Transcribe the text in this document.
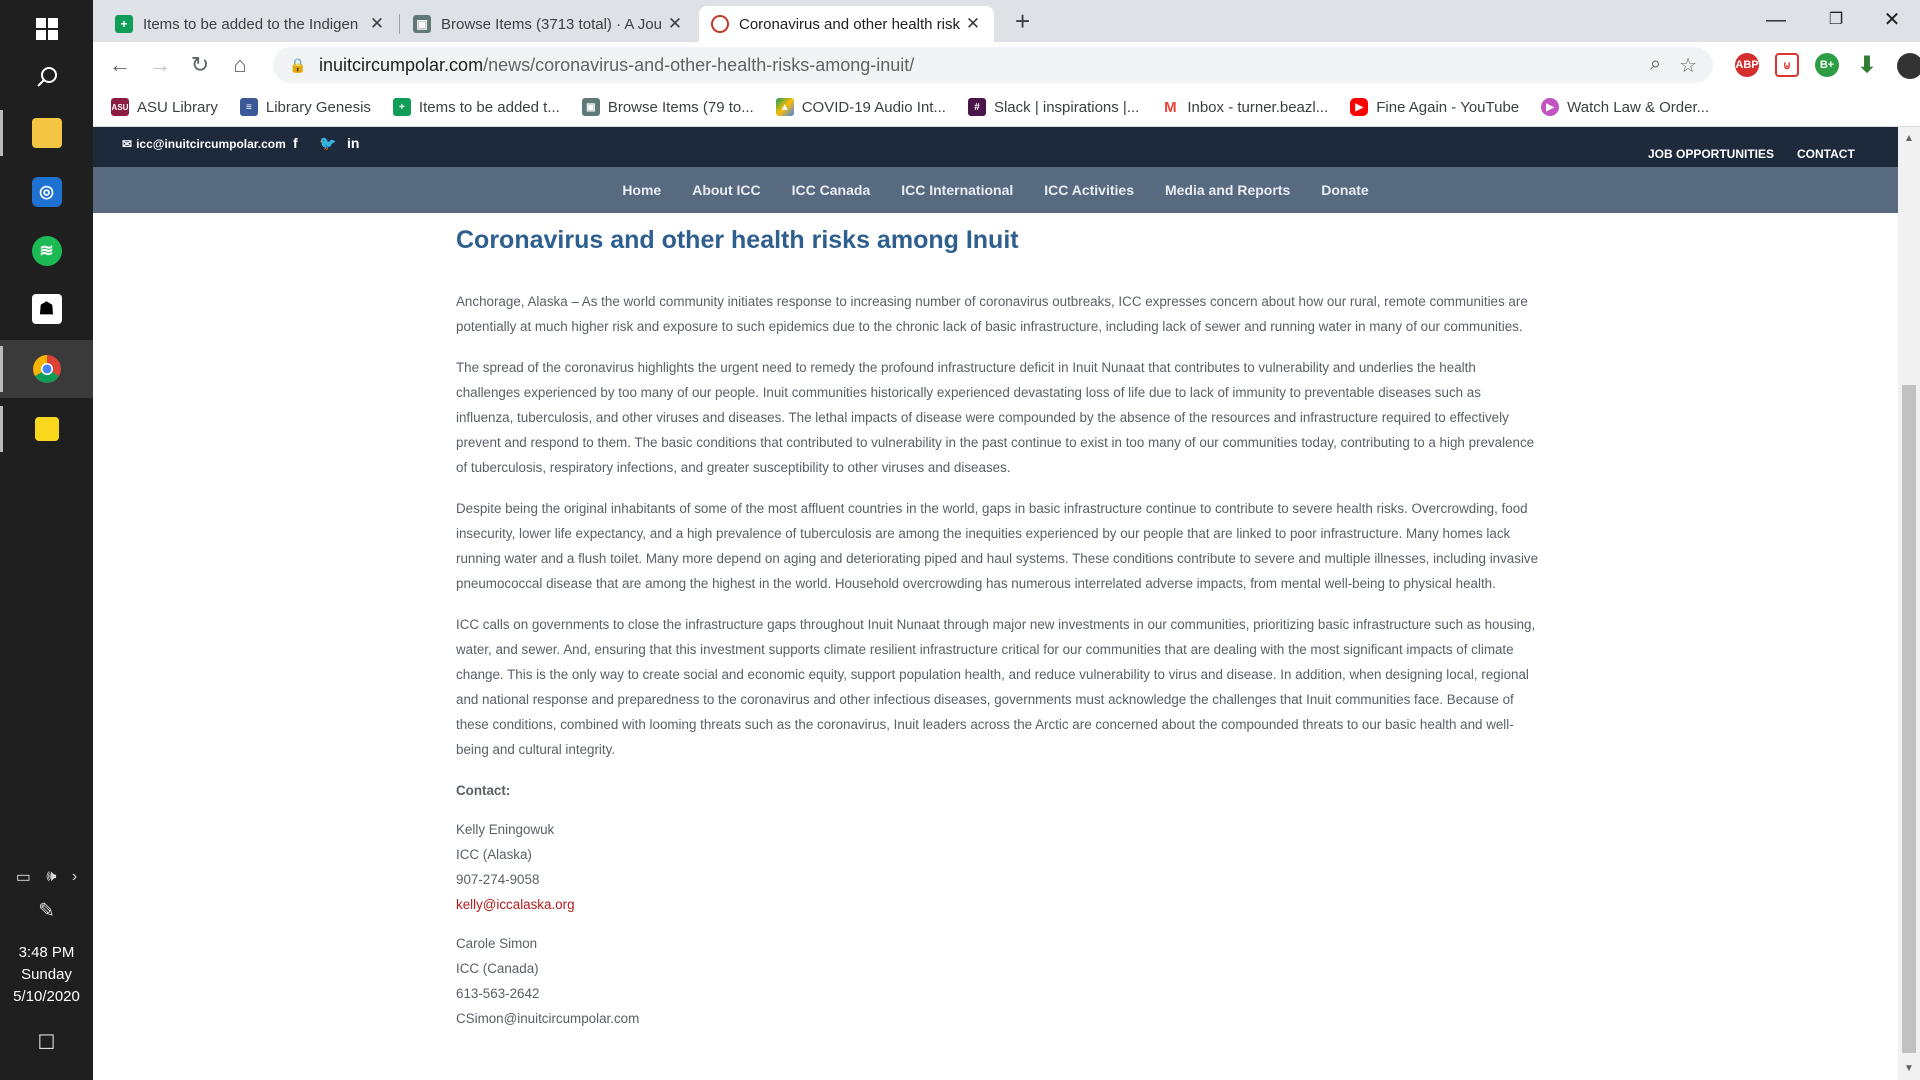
◎
≋
☗
▭ 🕪 ›
✎
3:48 PM
Sunday
5/10/2020
☐
+	Items to be added to the Indigen ✕	▣ Browse Items (3713 total) · A Jou ✕	Coronavirus and other health risk ✕ +	—	❐	✕
← → ↻	⌂	🔒 inuitcircumpolar.com /news/coronavirus-and-other-health-risks-among-inuit/	⌕ ☆	ABP	⊍	B+ ⬇
ASU ASU Library	≡ Library Genesis	+ Items to be added t...	▣ Browse Items (79 to...	▲ COVID-19 Audio Int...	# Slack | inspirations |... M Inbox - turner.beazl...	▶ Fine Again - YouTube	▶ Watch Law & Order...
✉ icc@inuitcircumpolar.com f 🐦 in
JOB OPPORTUNITIES CONTACT
Home About ICC ICC Canada ICC International ICC Activities Media and Reports Donate
Coronavirus and other health risks among Inuit

Anchorage, Alaska – As the world community initiates response to increasing number of coronavirus outbreaks, ICC expresses concern about how our rural, remote communities are potentially at much higher risk and exposure to such epidemics due to the chronic lack of basic infrastructure, including lack of sewer and running water in many of our communities.

The spread of the coronavirus highlights the urgent need to remedy the profound infrastructure deficit in Inuit Nunaat that contributes to vulnerability and underlies the health challenges experienced by too many of our people. Inuit communities historically experienced devastating loss of life due to lack of immunity to preventable diseases such as influenza, tuberculosis, and other viruses and diseases. The lethal impacts of disease were compounded by the absence of the resources and infrastructure required to effectively prevent and respond to them. The basic conditions that contributed to vulnerability in the past continue to exist in too many of our communities today, contributing to a high prevalence of tuberculosis, respiratory infections, and greater susceptibility to other viruses and diseases.

Despite being the original inhabitants of some of the most affluent countries in the world, gaps in basic infrastructure continue to contribute to severe health risks. Overcrowding, food insecurity, lower life expectancy, and a high prevalence of tuberculosis are among the inequities experienced by our people that are linked to poor infrastructure. Many homes lack running water and a flush toilet. Many more depend on aging and deteriorating piped and haul systems. These conditions contribute to severe and multiple illnesses, including invasive pneumococcal disease that are among the highest in the world. Household overcrowding has numerous interrelated adverse impacts, from mental well-being to physical health.

ICC calls on governments to close the infrastructure gaps throughout Inuit Nunaat through major new investments in our communities, prioritizing basic infrastructure such as housing, water, and sewer. And, ensuring that this investment supports climate resilient infrastructure critical for our communities that are dealing with the most significant impacts of climate change. This is the only way to create social and economic equity, support population health, and reduce vulnerability to virus and disease. In addition, when designing local, regional and national response and preparedness to the coronavirus and other infectious diseases, governments must acknowledge the challenges that Inuit communities face. Because of these conditions, combined with looming threats such as the coronavirus, Inuit leaders across the Arctic are concerned about the compounded threats to our basic health and well-being and cultural integrity.

Contact:

Kelly Eningowuk
ICC (Alaska)
907-274-9058
kelly@iccalaska.org
Carole Simon
ICC (Canada)
613-563-2642
CSimon@inuitcircumpolar.com
▲
▼
